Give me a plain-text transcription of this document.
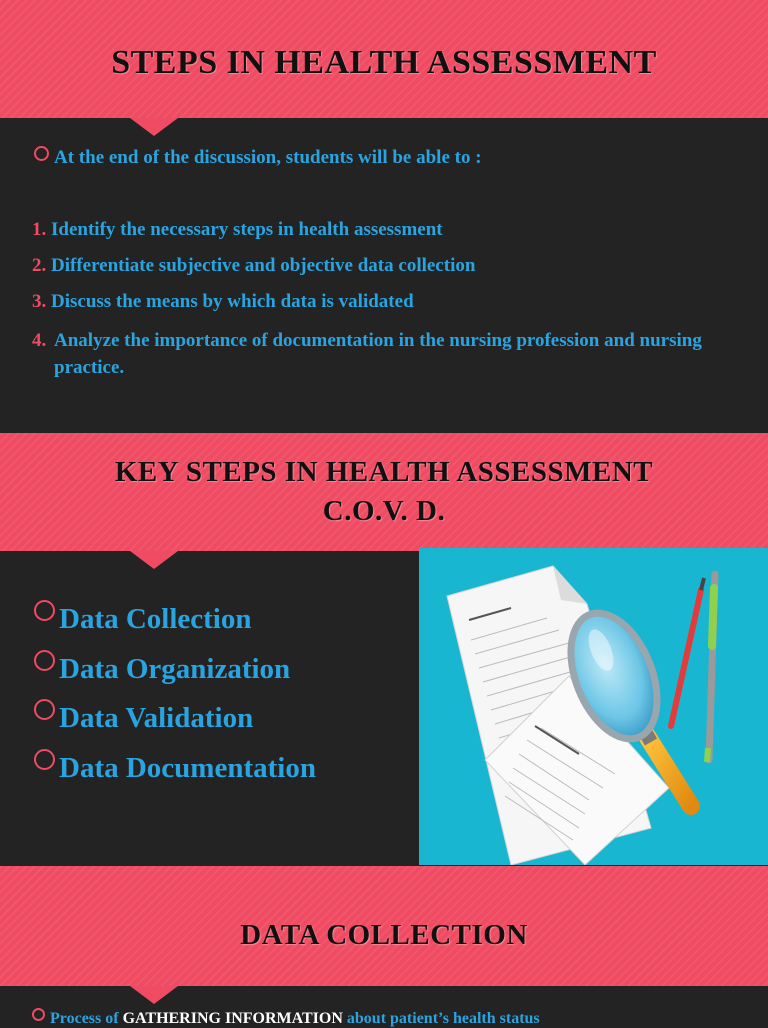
STEPS IN HEALTH ASSESSMENT
At the end of the discussion, students will be able to :
1. Identify the necessary steps in health assessment
2. Differentiate subjective and objective data collection
3. Discuss the means by which data is validated
4. Analyze the importance of documentation in the nursing profession and nursing practice.
KEY STEPS IN HEALTH ASSESSMENT
C.O.V. D.
Data Collection
Data Organization
Data Validation
Data Documentation
DATA COLLECTION
Process of GATHERING INFORMATION about patient’s health status
